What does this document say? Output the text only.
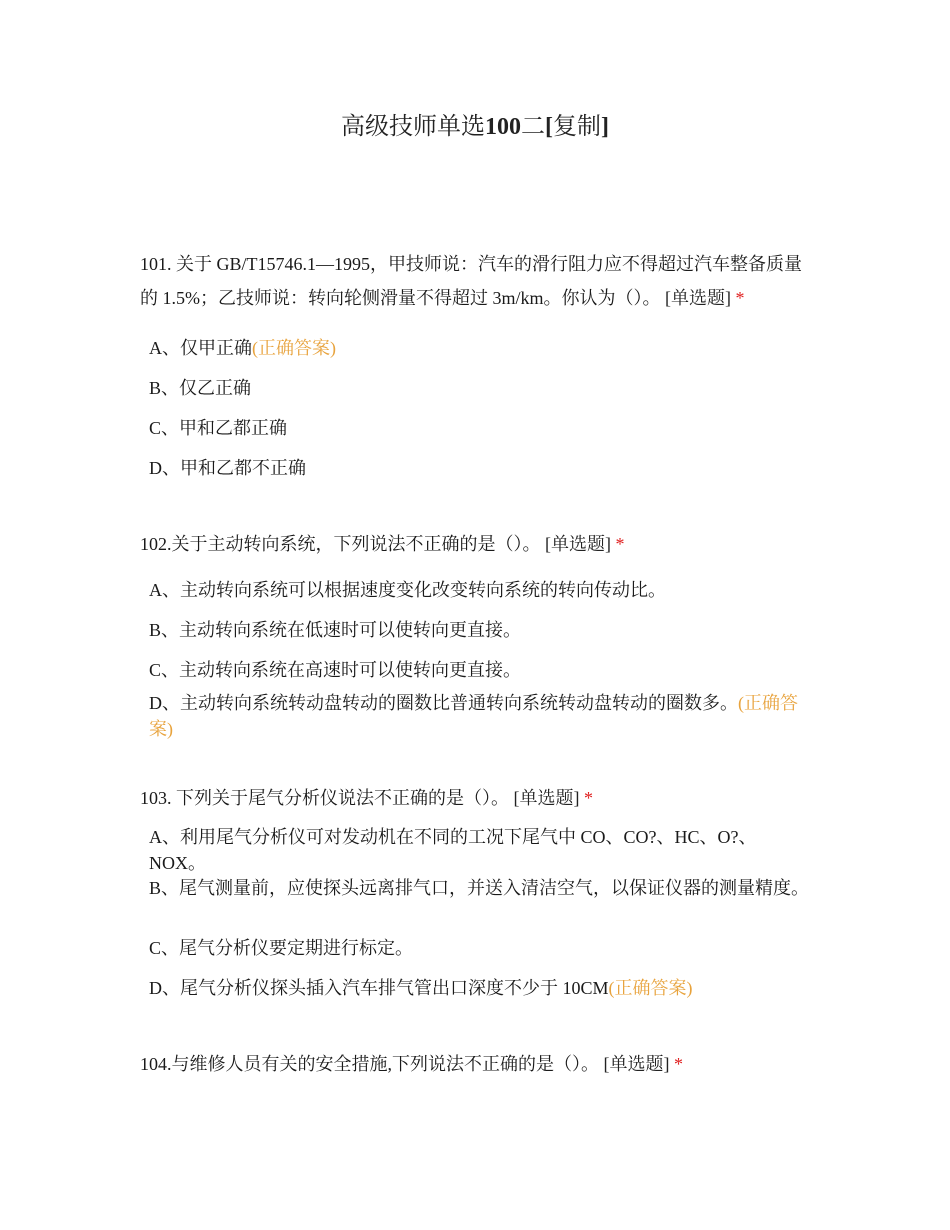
高级技师单选100二[复制]
101. 关于 GB/T15746.1—1995，甲技师说：汽车的滑行阻力应不得超过汽车整备质量的 1.5%；乙技师说：转向轮侧滑量不得超过 3m/km。你认为（）。 [单选题] *
A、仅甲正确(正确答案)
B、仅乙正确
C、甲和乙都正确
D、甲和乙都不正确
102.关于主动转向系统，下列说法不正确的是（）。 [单选题] *
A、主动转向系统可以根据速度变化改变转向系统的转向传动比。
B、主动转向系统在低速时可以使转向更直接。
C、主动转向系统在高速时可以使转向更直接。
D、主动转向系统转动盘转动的圈数比普通转向系统转动盘转动的圈数多。(正确答案)
103. 下列关于尾气分析仪说法不正确的是（）。 [单选题] *
A、利用尾气分析仪可对发动机在不同的工况下尾气中 CO、CO?、HC、O?、NOX。
B、尾气测量前，应使探头远离排气口，并送入清洁空气，以保证仪器的测量精度。
C、尾气分析仪要定期进行标定。
D、尾气分析仪探头插入汽车排气管出口深度不少于 10CM(正确答案)
104.与维修人员有关的安全措施,下列说法不正确的是（）。 [单选题] *
